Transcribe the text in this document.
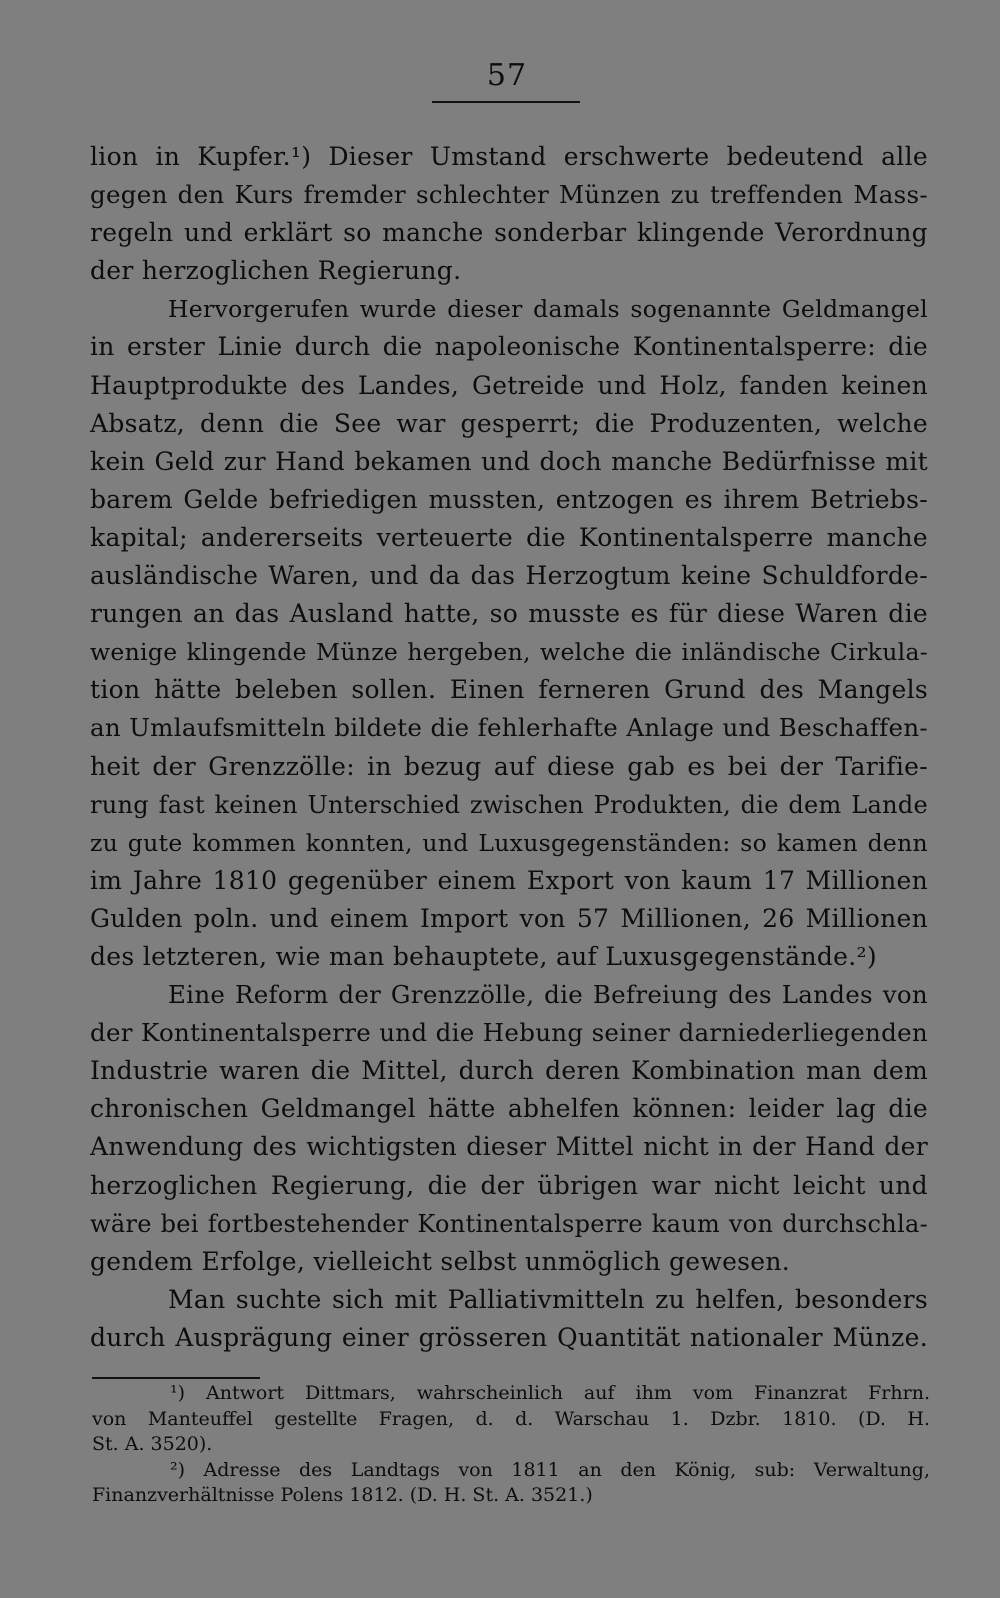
57
lion in Kupfer.¹) Dieser Umstand erschwerte bedeutend alle
gegen den Kurs fremder schlechter Münzen zu treffenden Mass-
regeln und erklärt so manche sonderbar klingende Verordnung
der herzoglichen Regierung.
Hervorgerufen wurde dieser damals sogenannte Geldmangel
in erster Linie durch die napoleonische Kontinentalsperre: die
Hauptprodukte des Landes, Getreide und Holz, fanden keinen
Absatz, denn die See war gesperrt; die Produzenten, welche
kein Geld zur Hand bekamen und doch manche Bedürfnisse mit
barem Gelde befriedigen mussten, entzogen es ihrem Betriebs-
kapital; andererseits verteuerte die Kontinentalsperre manche
ausländische Waren, und da das Herzogtum keine Schuldforde-
rungen an das Ausland hatte, so musste es für diese Waren die
wenige klingende Münze hergeben, welche die inländische Cirkula-
tion hätte beleben sollen. Einen ferneren Grund des Mangels
an Umlaufsmitteln bildete die fehlerhafte Anlage und Beschaffen-
heit der Grenzzölle: in bezug auf diese gab es bei der Tarifie-
rung fast keinen Unterschied zwischen Produkten, die dem Lande
zu gute kommen konnten, und Luxusgegenständen: so kamen denn
im Jahre 1810 gegenüber einem Export von kaum 17 Millionen
Gulden poln. und einem Import von 57 Millionen, 26 Millionen
des letzteren, wie man behauptete, auf Luxusgegenstände.²)
Eine Reform der Grenzzölle, die Befreiung des Landes von
der Kontinentalsperre und die Hebung seiner darniederliegenden
Industrie waren die Mittel, durch deren Kombination man dem
chronischen Geldmangel hätte abhelfen können: leider lag die
Anwendung des wichtigsten dieser Mittel nicht in der Hand der
herzoglichen Regierung, die der übrigen war nicht leicht und
wäre bei fortbestehender Kontinentalsperre kaum von durchschla-
gendem Erfolge, vielleicht selbst unmöglich gewesen.
Man suchte sich mit Palliativmitteln zu helfen, besonders
durch Ausprägung einer grösseren Quantität nationaler Münze.
¹) Antwort Dittmars, wahrscheinlich auf ihm vom Finanzrat Frhrn.
von Manteuffel gestellte Fragen, d. d. Warschau 1. Dzbr. 1810. (D. H.
St. A. 3520).
²) Adresse des Landtags von 1811 an den König, sub: Verwaltung,
Finanzverhältnisse Polens 1812. (D. H. St. A. 3521.)
